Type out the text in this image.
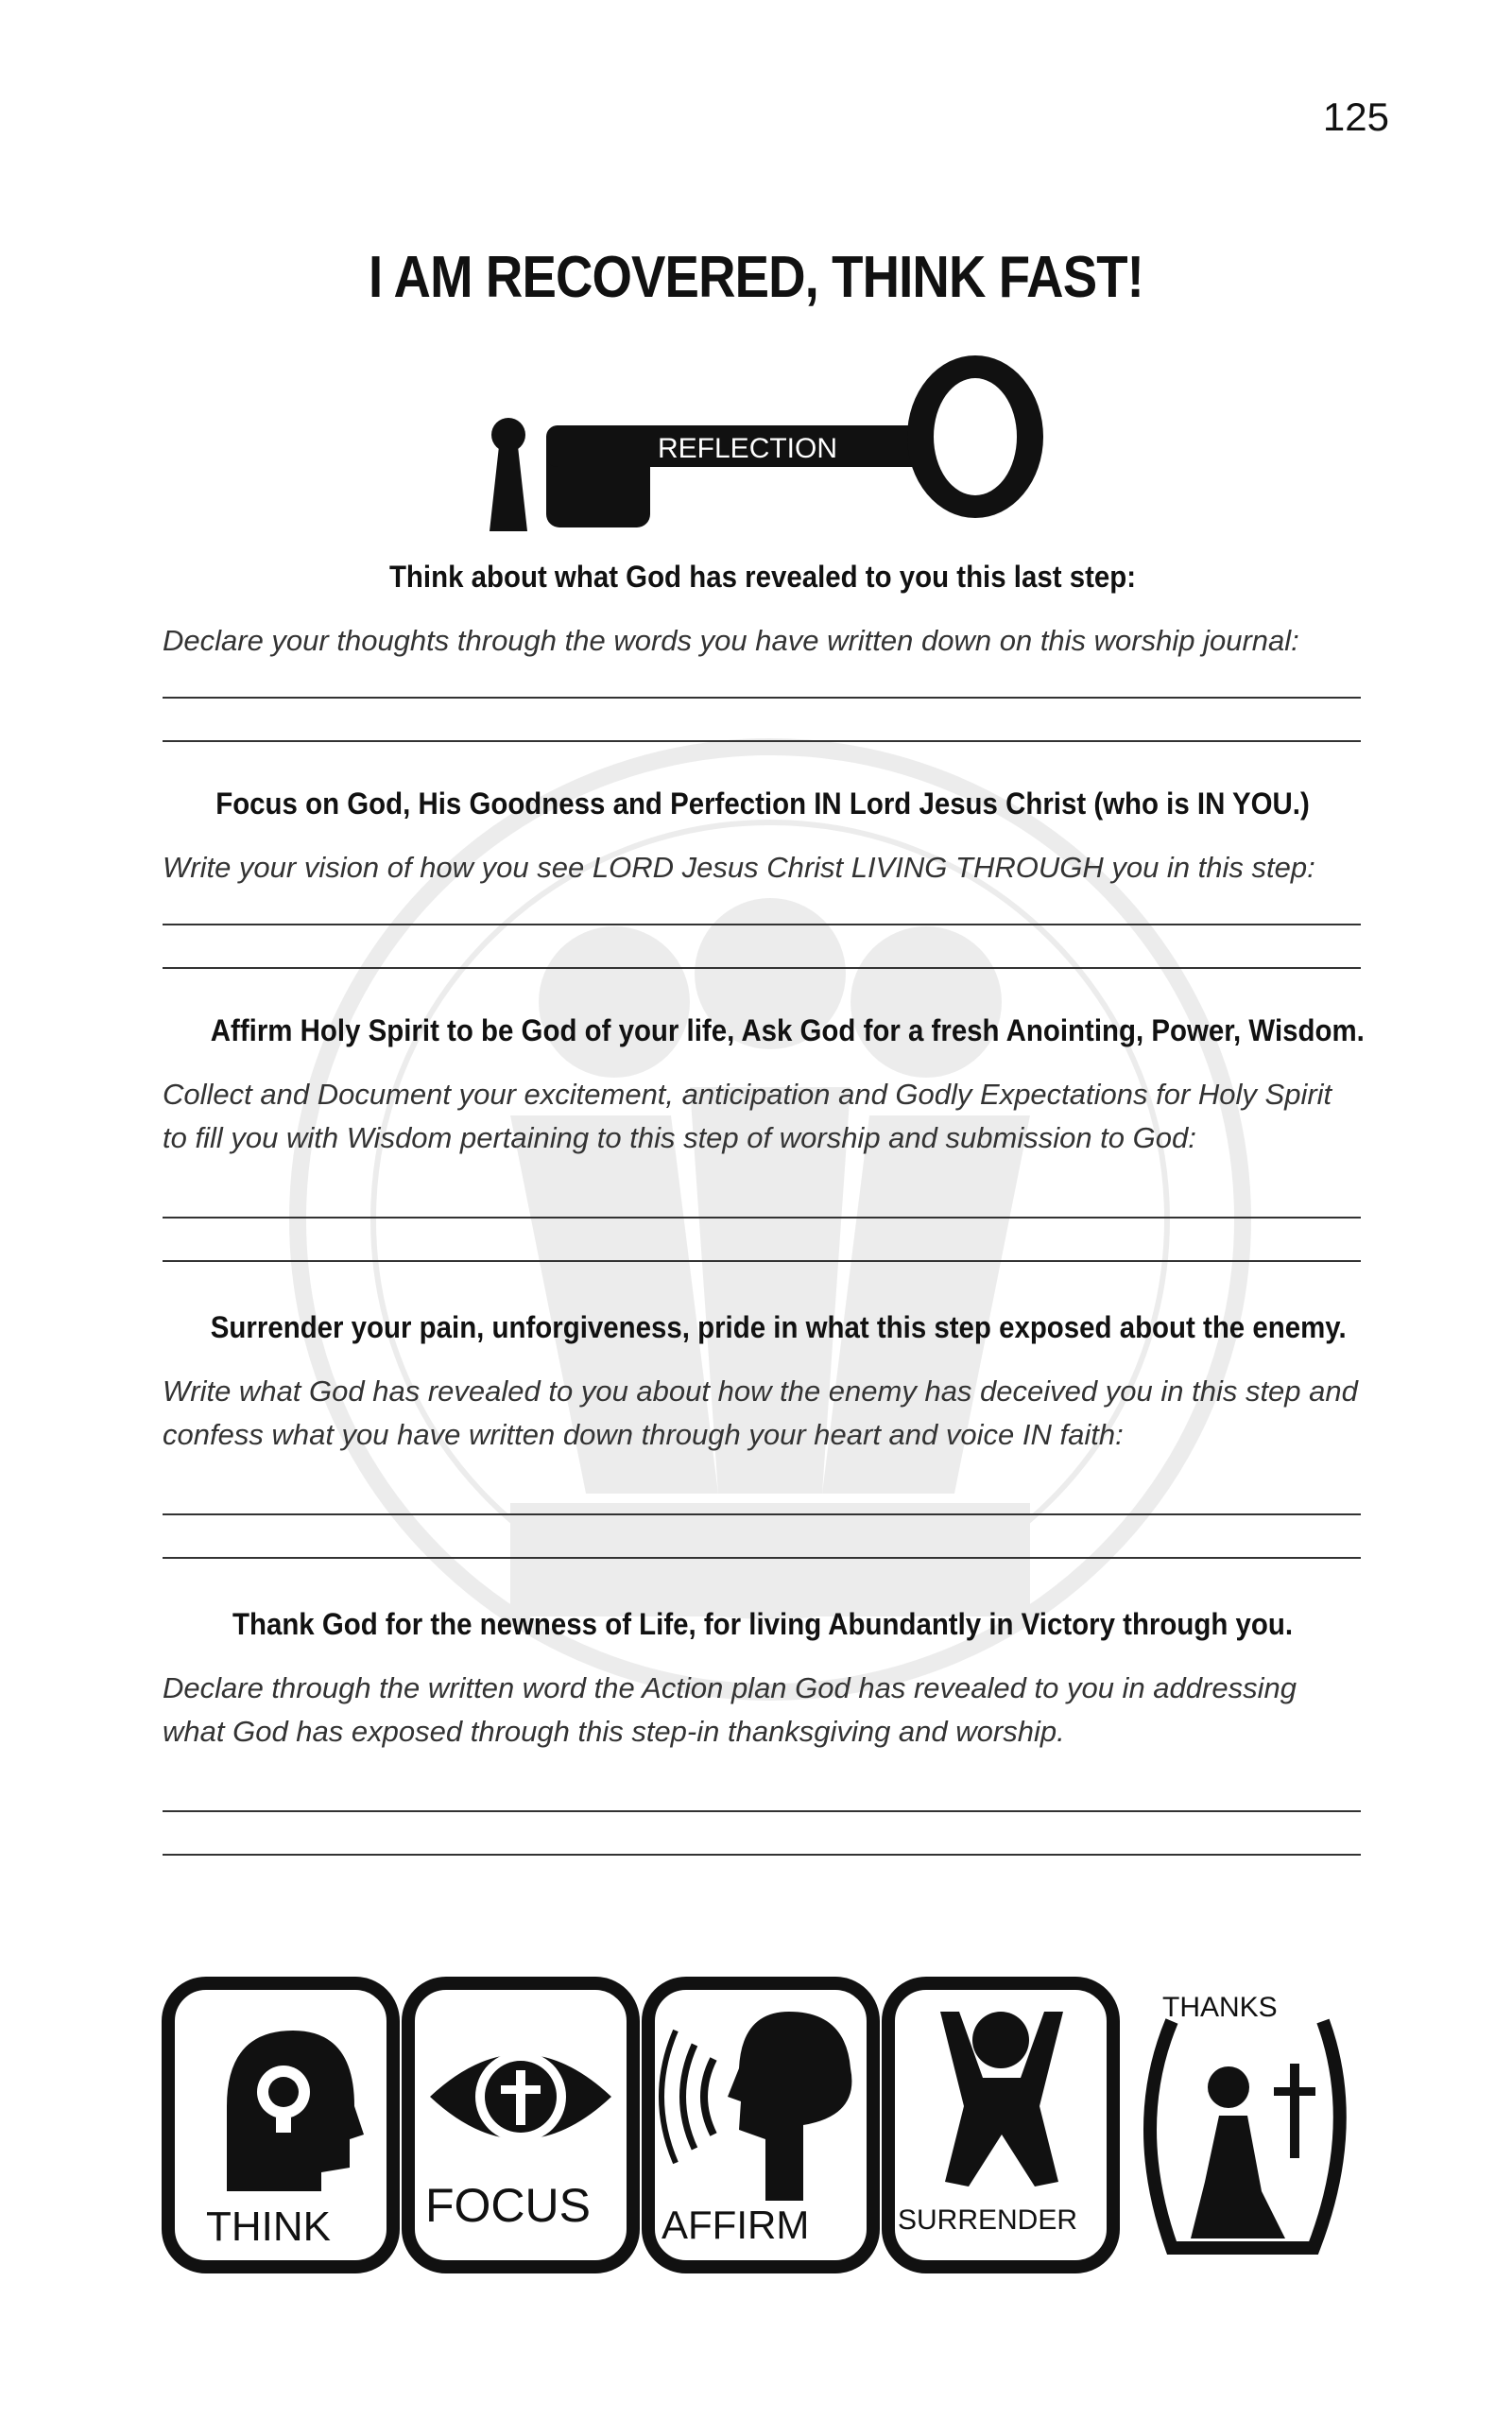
125
I AM RECOVERED, THINK FAST!
REFLECTION
Think about what God has revealed to you this last step:
Declare your thoughts through the words you have written down on this worship journal:
Focus on God, His Goodness and Perfection IN Lord Jesus Christ (who is IN YOU.)
Write your vision of how you see LORD Jesus Christ LIVING THROUGH you in this step:
Affirm Holy Spirit to be God of your life, Ask God for a fresh Anointing, Power, Wisdom.
Collect and Document your excitement, anticipation and Godly Expectations for Holy Spirit to fill you with Wisdom pertaining to this step of worship and submission to God:
Surrender your pain, unforgiveness, pride in what this step exposed about the enemy.
Write what God has revealed to you about how the enemy has deceived you in this step and confess what you have written down through your heart and voice IN faith:
Thank God for the newness of Life, for living Abundantly in Victory through you.
Declare through the written word the Action plan God has revealed to you in addressing what God has exposed through this step-in thanksgiving and worship.
THINK FOCUS AFFIRM	SURRENDER
THANKS
